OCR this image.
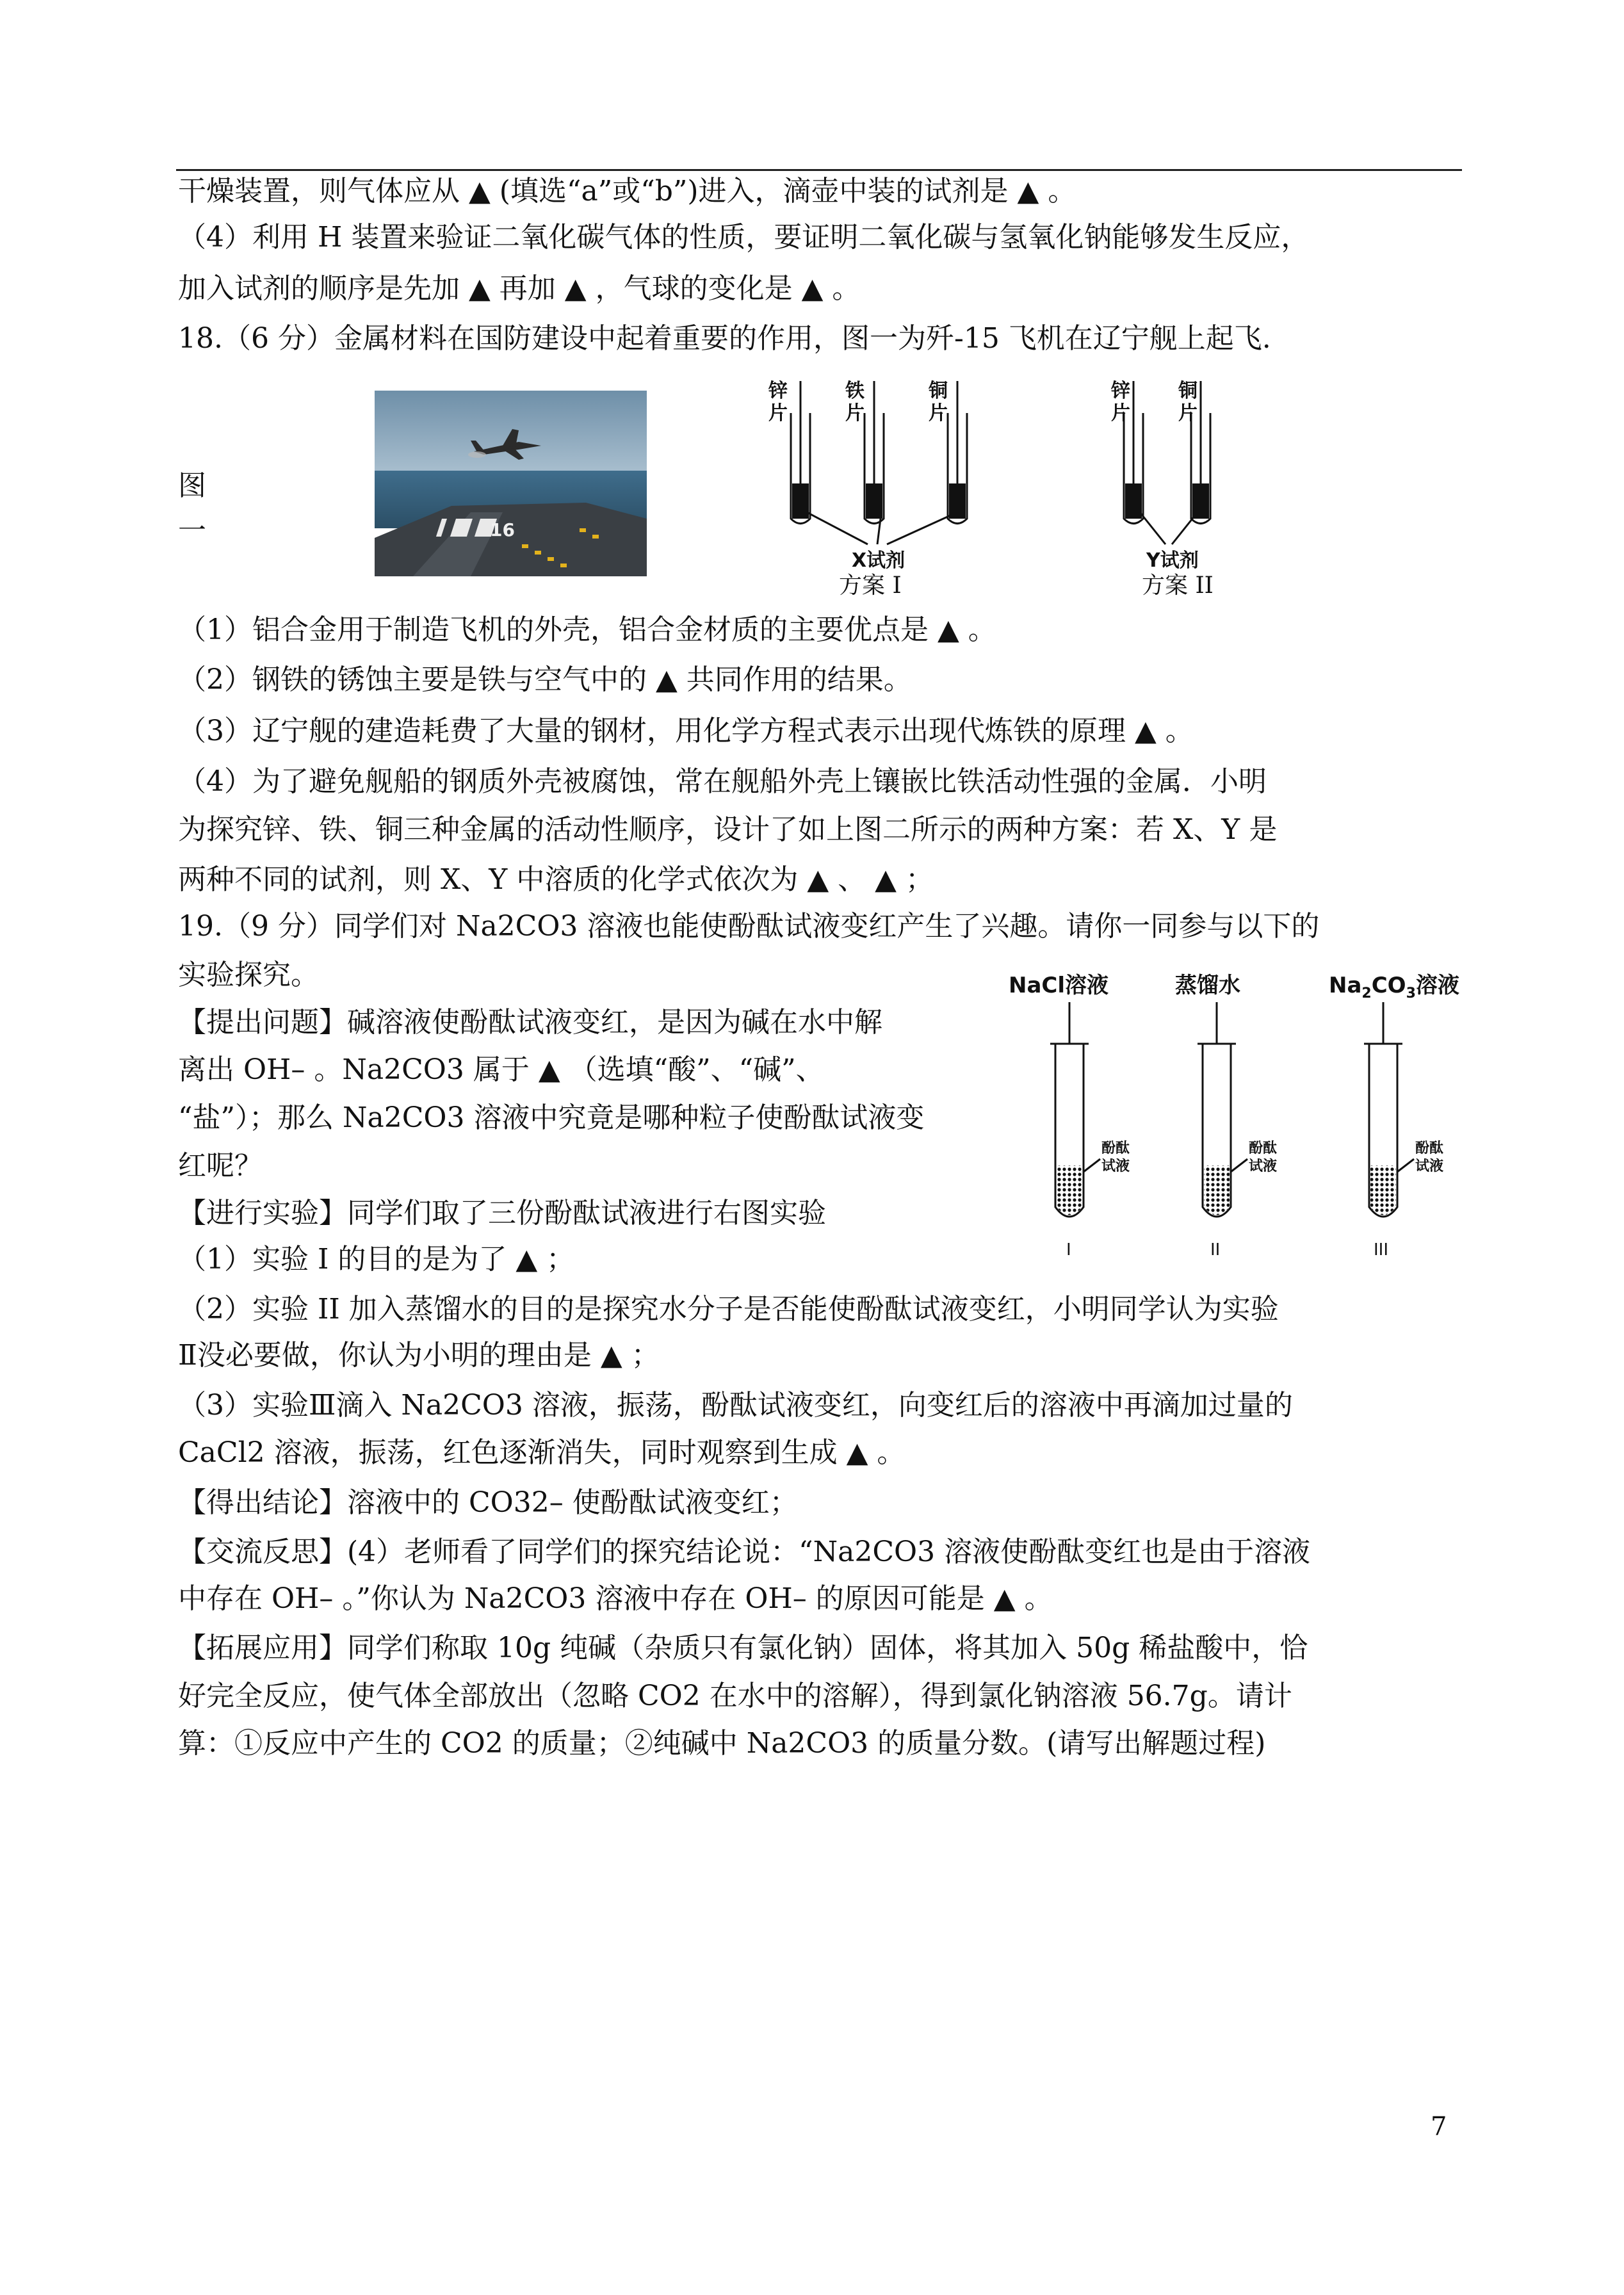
干燥装置，则气体应从 ▲ (填选“a”或“b”)进入，滴壶中装的试剂是 ▲ 。
（4）利用 H 装置来验证二氧化碳气体的性质，要证明二氧化碳与氢氧化钠能够发生反应，
加入试剂的顺序是先加 ▲ 再加 ▲ ，气球的变化是 ▲ 。
18.（6 分）金属材料在国防建设中起着重要的作用，图一为歼-15 飞机在辽宁舰上起飞.
图
一	16
锌
片
铁
片
铜
片
锌
片
铜
片
X试剂	Y试剂
方案 I	方案 II
（1）铝合金用于制造飞机的外壳，铝合金材质的主要优点是 ▲ 。
（2）钢铁的锈蚀主要是铁与空气中的 ▲ 共同作用的结果。
（3）辽宁舰的建造耗费了大量的钢材，用化学方程式表示出现代炼铁的原理 ▲ 。
（4）为了避免舰船的钢质外壳被腐蚀，常在舰船外壳上镶嵌比铁活动性强的金属．小明
为探究锌、铁、铜三种金属的活动性顺序，设计了如上图二所示的两种方案：若 X、Y 是
两种不同的试剂，则 X、Y 中溶质的化学式依次为 ▲ 、 ▲ ；
19.（9 分）同学们对 Na2CO3 溶液也能使酚酞试液变红产生了兴趣。请你一同参与以下的
实验探究。
【提出问题】碱溶液使酚酞试液变红，是因为碱在水中解
离出 OH– 。Na2CO3 属于 ▲ （选填“酸”、“碱”、
“盐”）；那么 Na2CO3 溶液中究竟是哪种粒子使酚酞试液变
红呢？
【进行实验】同学们取了三份酚酞试液进行右图实验
（1）实验 I 的目的是为了 ▲ ；
NaCl溶液	蒸馏水	$Na_2CO_3$溶液
酚酞
试液
酚酞
试液
酚酞
试液
I	II	III
（2）实验 II 加入蒸馏水的目的是探究水分子是否能使酚酞试液变红，小明同学认为实验
Ⅱ没必要做，你认为小明的理由是 ▲ ；
（3）实验Ⅲ滴入 Na2CO3 溶液，振荡，酚酞试液变红，向变红后的溶液中再滴加过量的
CaCl2 溶液，振荡，红色逐渐消失，同时观察到生成 ▲ 。
【得出结论】溶液中的 CO32– 使酚酞试液变红；
【交流反思】(4）老师看了同学们的探究结论说：“Na2CO3 溶液使酚酞变红也是由于溶液
中存在 OH– 。”你认为 Na2CO3 溶液中存在 OH– 的原因可能是 ▲ 。
【拓展应用】同学们称取 10g 纯碱（杂质只有氯化钠）固体，将其加入 50g 稀盐酸中，恰
好完全反应，使气体全部放出（忽略 CO2 在水中的溶解），得到氯化钠溶液 56.7g。请计
算：①反应中产生的 CO2 的质量；②纯碱中 Na2CO3 的质量分数。(请写出解题过程)
7
